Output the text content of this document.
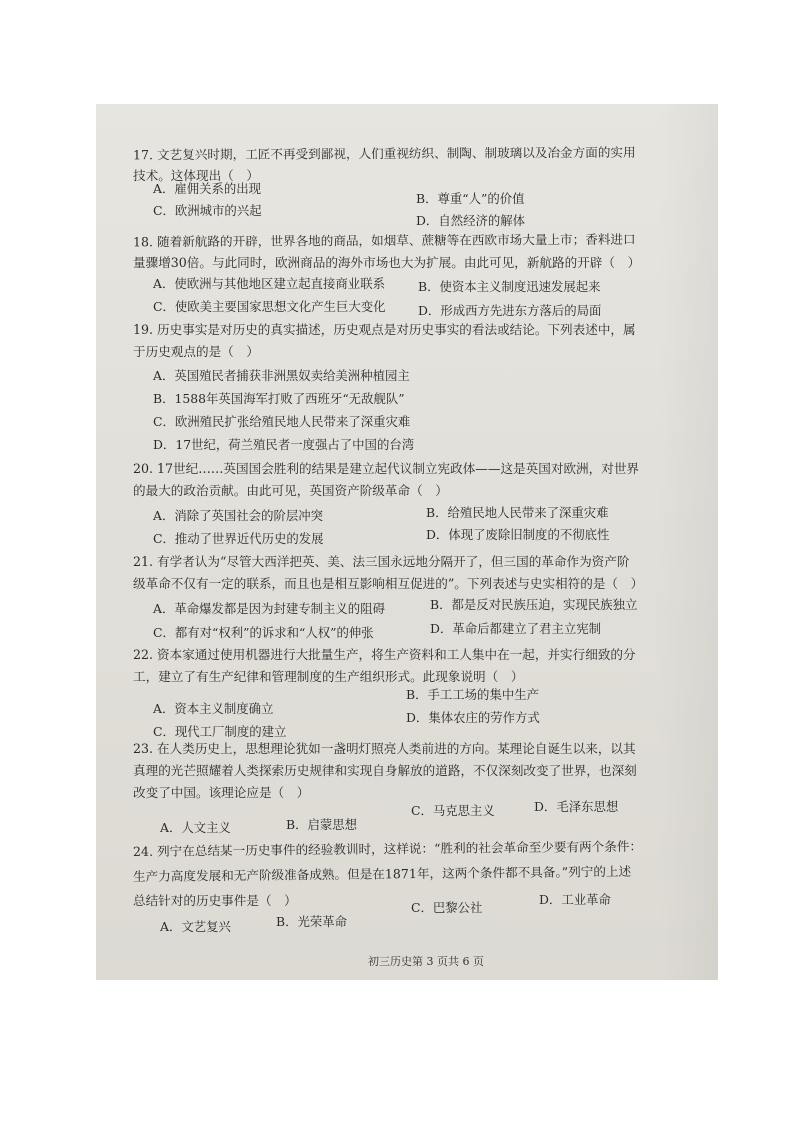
17. 文艺复兴时期，工匠不再受到鄙视，人们重视纺织、制陶、制玻璃以及冶金方面的实用
技术。这体现出（　）
A．雇佣关系的出现
B．尊重“人”的价值
C．欧洲城市的兴起
D．自然经济的解体
18. 随着新航路的开辟，世界各地的商品，如烟草、蔗糖等在西欧市场大量上市；香料进口
量骤增30倍。与此同时，欧洲商品的海外市场也大为扩展。由此可见，新航路的开辟（　）
A．使欧洲与其他地区建立起直接商业联系	B．使资本主义制度迅速发展起来
C．使欧美主要国家思想文化产生巨大变化	D．形成西方先进东方落后的局面
19. 历史事实是对历史的真实描述，历史观点是对历史事实的看法或结论。下列表述中，属
于历史观点的是（　）
A．英国殖民者捕获非洲黑奴卖给美洲种植园主
B．1588年英国海军打败了西班牙“无敌舰队”
C．欧洲殖民扩张给殖民地人民带来了深重灾难
D．17世纪，荷兰殖民者一度强占了中国的台湾
20. 17世纪……英国国会胜利的结果是建立起代议制立宪政体——这是英国对欧洲，对世界
的最大的政治贡献。由此可见，英国资产阶级革命（　）
A．消除了英国社会的阶层冲突	B．给殖民地人民带来了深重灾难
C．推动了世界近代历史的发展	D．体现了废除旧制度的不彻底性
21. 有学者认为“尽管大西洋把英、美、法三国永远地分隔开了，但三国的革命作为资产阶
级革命不仅有一定的联系，而且也是相互影响相互促进的”。下列表述与史实相符的是（　）
A．革命爆发都是因为封建专制主义的阻碍	B．都是反对民族压迫，实现民族独立
C．都有对“权利”的诉求和“人权”的伸张	D．革命后都建立了君主立宪制
22. 资本家通过使用机器进行大批量生产，将生产资料和工人集中在一起，并实行细致的分
工，建立了有生产纪律和管理制度的生产组织形式。此现象说明（　）
A．资本主义制度确立
B．手工工场的集中生产
C．现代工厂制度的建立
D．集体农庄的劳作方式
23. 在人类历史上，思想理论犹如一盏明灯照亮人类前进的方向。某理论自诞生以来，以其
真理的光芒照耀着人类探索历史规律和实现自身解放的道路，不仅深刻改变了世界，也深刻
改变了中国。该理论应是（　）
A．人文主义	B．启蒙思想
C．马克思主义	D．毛泽东思想
24. 列宁在总结某一历史事件的经验教训时，这样说：“胜利的社会革命至少要有两个条件：
生产力高度发展和无产阶级准备成熟。但是在1871年，这两个条件都不具备。”列宁的上述
总结针对的历史事件是（　）
A．文艺复兴	B．光荣革命
C．巴黎公社
D．工业革命
初三历史第 3 页共 6 页
